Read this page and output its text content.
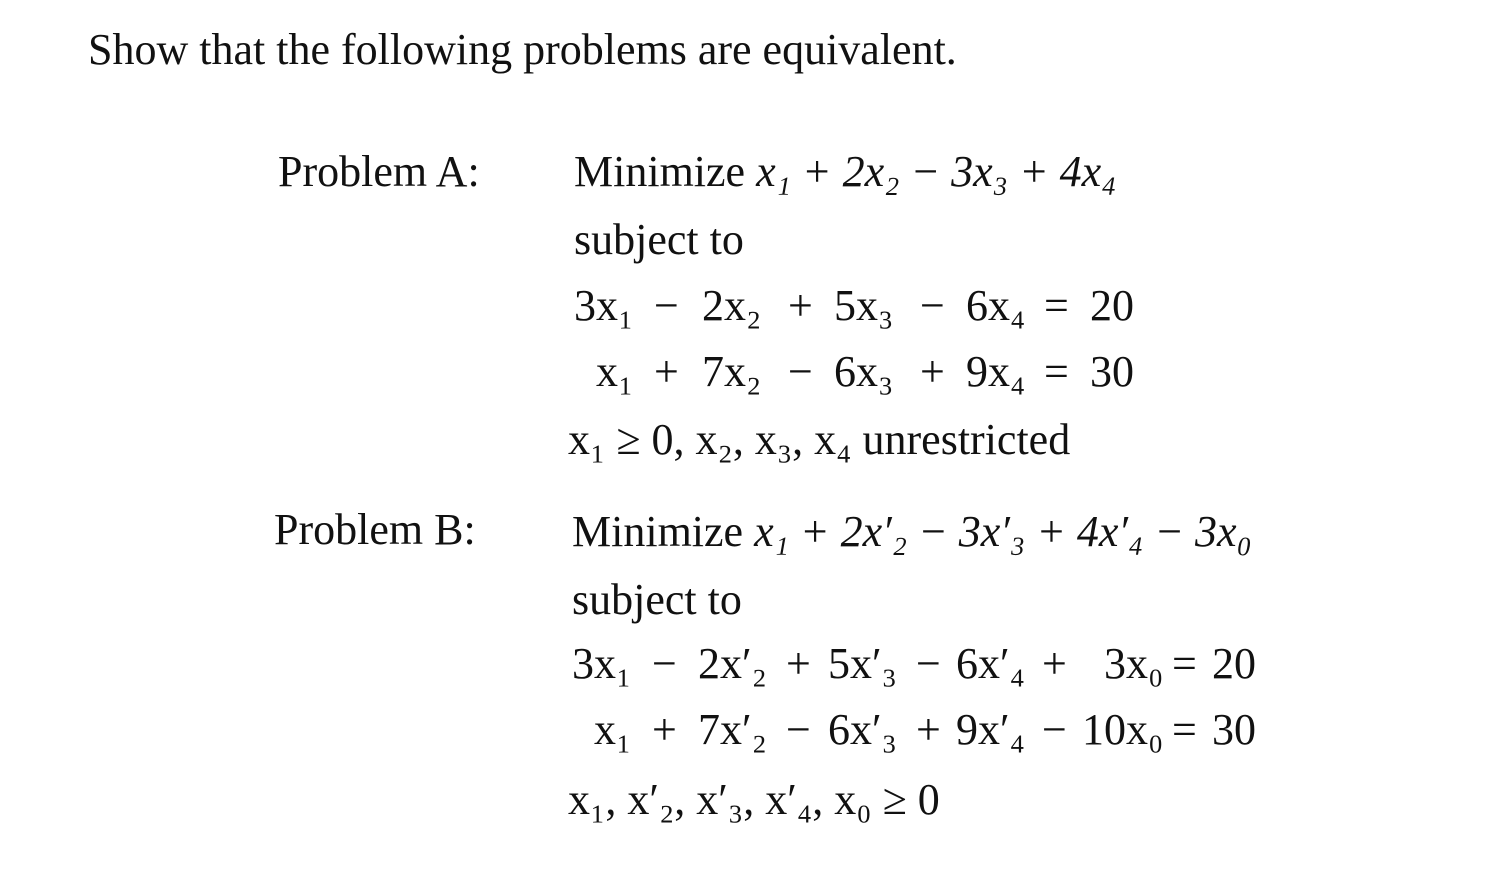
Show that the following problems are equivalent.
Problem A: Minimize x₁ + 2x₂ − 3x₃ + 4x₄
subject to
3x₁ − 2x₂ + 5x₃ − 6x₄ = 20
x₁ + 7x₂ − 6x₃ + 9x₄ = 30
x₁ ≥ 0, x₂, x₃, x₄ unrestricted
Problem B: Minimize x₁ + 2x′₂ − 3x′₃ + 4x′₄ − 3x₀
subject to
3x₁ − 2x′₂ + 5x′₃ − 6x′₄ + 3x₀ = 20
x₁ + 7x′₂ − 6x′₃ + 9x′₄ − 10x₀ = 30
x₁, x′₂, x′₃, x′₄, x₀ ≥ 0
